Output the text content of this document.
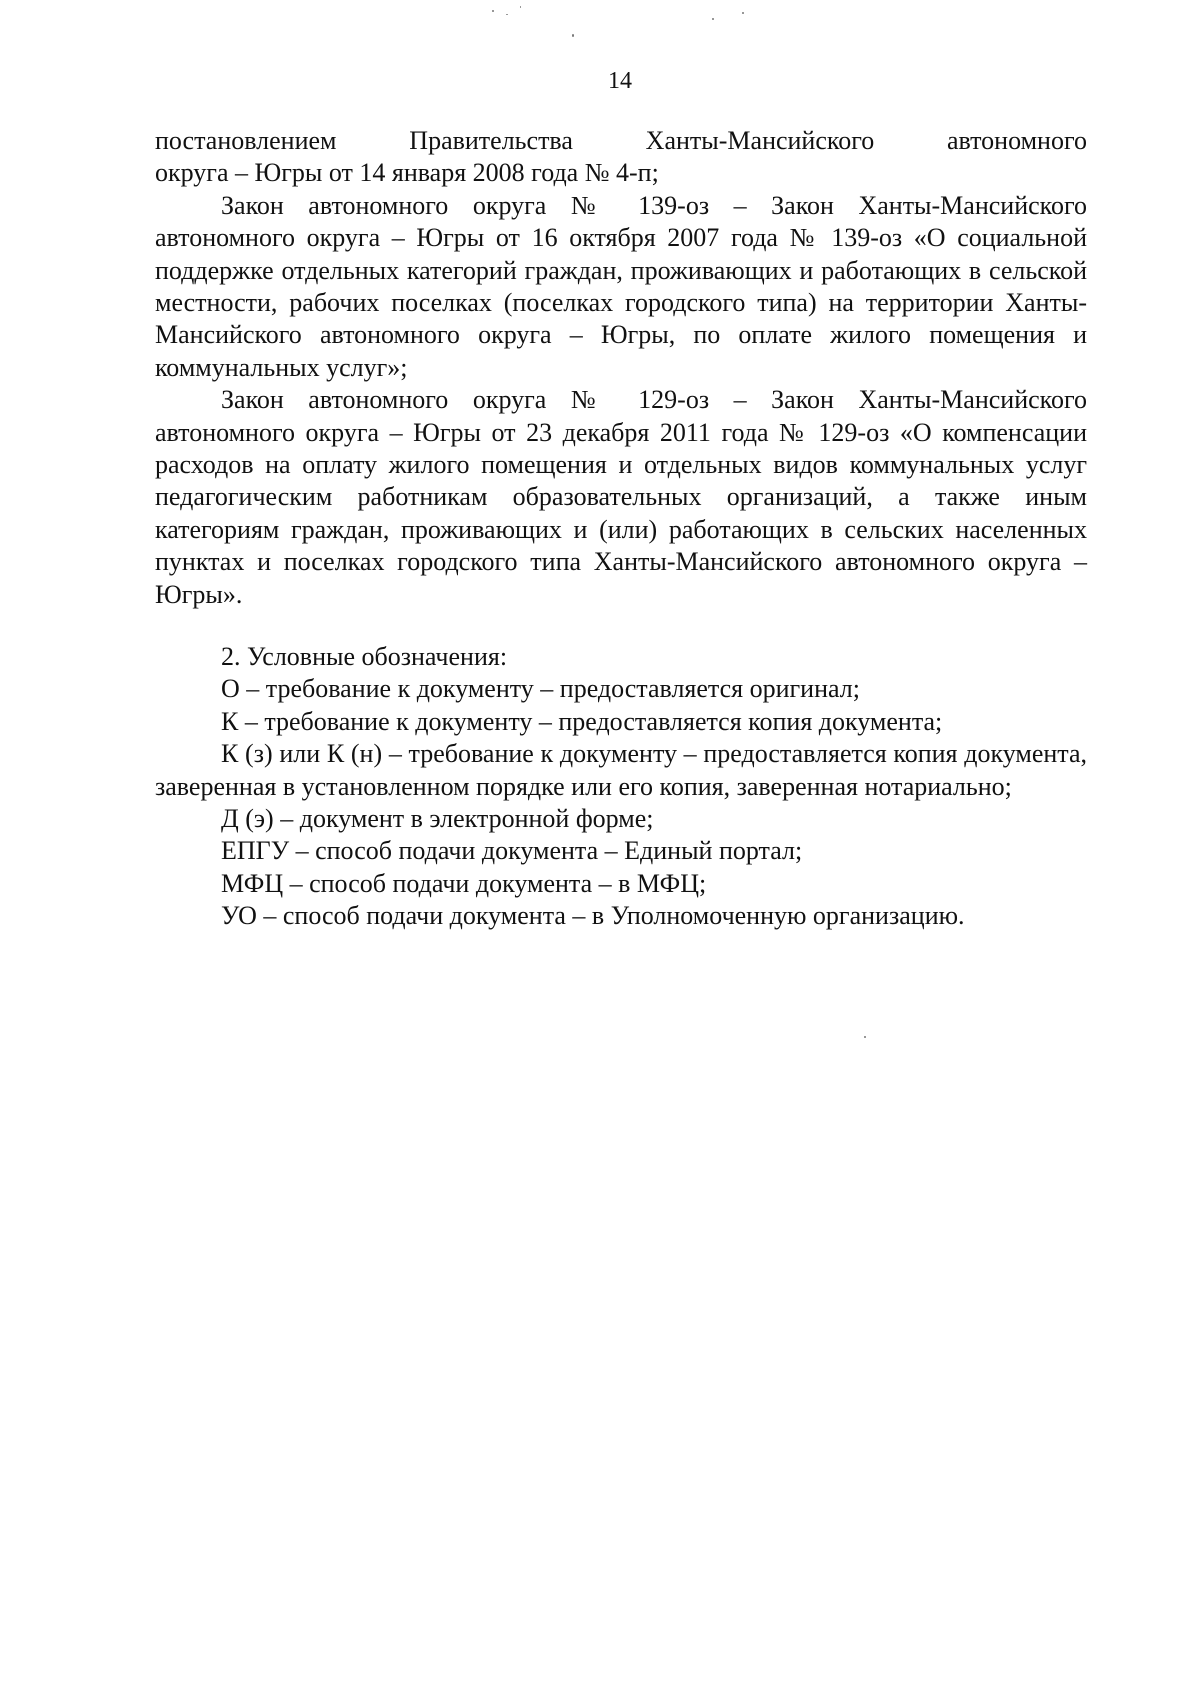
14

постановлением Правительства Ханты-Мансийского автономного

округа – Югры от 14 января 2008 года № 4-п;

Закон автономного округа № 139-оз – Закон Ханты-Мансийского автономного округа – Югры от 16 октября 2007 года № 139-оз «О социальной поддержке отдельных категорий граждан, проживающих и работающих в сельской местности, рабочих поселках (поселках городского типа) на территории Ханты-Мансийского автономного округа – Югры, по оплате жилого помещения и коммунальных услуг»;

Закон автономного округа № 129-оз – Закон Ханты-Мансийского автономного округа – Югры от 23 декабря 2011 года № 129-оз «О компенсации расходов на оплату жилого помещения и отдельных видов коммунальных услуг педагогическим работникам образовательных организаций, а также иным категориям граждан, проживающих и (или) работающих в сельских населенных пунктах и поселках городского типа Ханты-Мансийского автономного округа – Югры».

2. Условные обозначения:

О – требование к документу – предоставляется оригинал;

К – требование к документу – предоставляется копия документа;

К (з) или К (н) – требование к документу – предоставляется копия документа, заверенная в установленном порядке или его копия, заверенная нотариально;

Д (э) – документ в электронной форме;

ЕПГУ – способ подачи документа – Единый портал;

МФЦ – способ подачи документа – в МФЦ;

УО – способ подачи документа – в Уполномоченную организацию.
